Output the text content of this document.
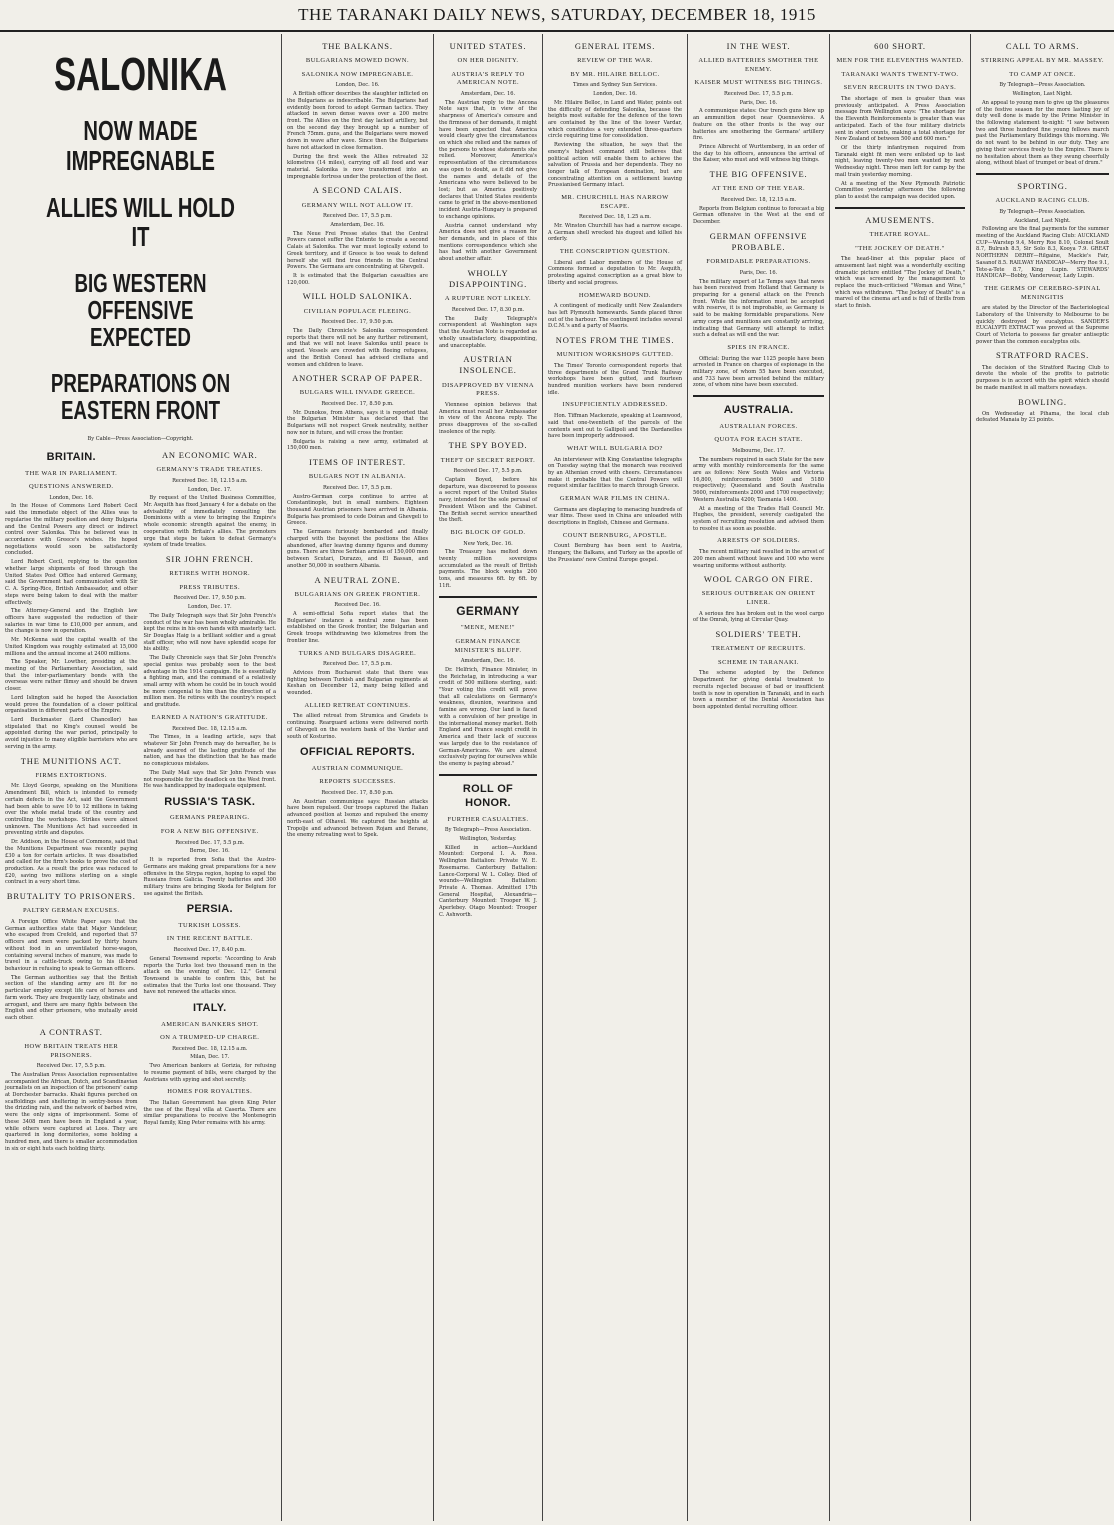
THE TARANAKI DAILY NEWS, SATURDAY, DECEMBER 18, 1915
SALONIKA
NOW MADE IMPREGNABLE
ALLIES WILL HOLD IT
BIG WESTERN OFFENSIVE EXPECTED
PREPARATIONS ON EASTERN FRONT
By Cable—Press Association—Copyright.
BRITAIN.
THE WAR IN PARLIAMENT.
QUESTIONS ANSWERED.
London, Dec. 16.

In the House of Commons Lord Robert Cecil said the immediate object of the Allies was to regularise the military position and deny Bulgaria and the Central Powers any direct or indirect control over Salonika. This he believed was in accordance with Greece's wishes. He hoped negotiations would soon be satisfactorily concluded.

Lord Robert Cecil, replying to the question whether large shipments of food through the United States Post Office had entered Germany, said the Government had communicated with Sir C. A. Spring-Rice, British Ambassador, and other steps were being taken to deal with the matter effectively.

The Attorney-General and the English law officers have suggested the reduction of their salaries in war time to £10,000 per annum, and the change is now in operation.

Mr. McKenna said the capital wealth of the United Kingdom was roughly estimated at 15,000 millions and the annual income at 2400 millions.

The Speaker, Mr. Lowther, presiding at the meeting of the Parliamentary Association, said that the inter-parliamentary bonds with the overseas were rather flimsy and should be drawn closer.

Lord Islington said he hoped the Association would prove the foundation of a closer political organisation in different parts of the Empire.

Lord Buckmaster (Lord Chancellor) has stipulated that no King's counsel would be appointed during the war period, principally to avoid injustice to many eligible barristers who are serving in the army.

THE MUNITIONS ACT.
FIRMS EXTORTIONS.

Mr. Lloyd George, speaking on the Munitions Amendment Bill, which is intended to remedy certain defects in the Act, said the Government had been able to save 10 to 12 millions in taking over the whole metal trade of the country and controlling the workshops. Strikes were almost unknown. The Munitions Act had succeeded in preventing strife and disputes.

Dr. Addison, in the House of Commons, said that the Munitions Department was recently paying £30 a ton for certain articles. It was dissatisfied and called for the firm's books to prove the cost of production. As a result the price was reduced to £20, saving two millions sterling on a single contract in a very short time.

BRUTALITY TO PRISONERS.
PALTRY GERMAN EXCUSES.

A Foreign Office White Paper says that the German authorities state that Major Vandeleur, who escaped from Crefeld, and reported that 57 officers and men were packed by thirty hours without food in an unventilated horse-wagon, containing several inches of manure, was made to travel in a cattle-truck owing to his ill-bred behaviour in refusing to speak to German officers.

The German authorities say that the British section of the standing army are fit for no particular employ except life care of horses and farm work. They are frequently lazy, obstinate and arrogant, and there are many fights between the English and other prisoners, who mutually avoid each other.

A CONTRAST.
HOW BRITAIN TREATS HER PRISONERS.
Received Dec. 17, 5.5 p.m.

The Australian Press Association representative accompanied the African, Dutch, and Scandinavian journalists on an inspection of the prisoners' camp at Dorchester barracks. Khaki figures perched on scaffoldings and sheltering in sentry-boxes from the drizzling rain, and the network of barbed wire, were the only signs of imprisonment. Some of these 3408 men have been in England a year, while others were captured at Loos. They are quartered in long dormitories, some holding a hundred men, and there is smaller accommodation in six or eight huts each holding thirty.

AN ECONOMIC WAR.
GERMANY'S TRADE TREATIES.
Received Dec. 18, 12.15 a.m.
London, Dec. 17.

By request of the United Business Committee, Mr. Asquith has fixed January 4 for a debate on the advisability of immediately consulting the Dominions with a view to bringing the Empire's whole economic strength against the enemy, in cooperation with Britain's allies. The promoters urge that steps be taken to defeat Germany's system of trade treaties.

SIR JOHN FRENCH.
RETIRES WITH HONOR.
PRESS TRIBUTES.
Received Dec. 17, 9.50 p.m.
London, Dec. 17.

The Daily Telegraph says that Sir John French's conduct of the war has been wholly admirable. He kept the reins in his own hands with masterly tact. Sir Douglas Haig is a brilliant soldier and a great staff officer, who will now have splendid scope for his ability.

The Daily Chronicle says that Sir John French's special genius was probably seen to the best advantage in the 1914 campaign. He is essentially a fighting man, and the command of a relatively small army with whom he could be in touch would be more congenial to him than the direction of a million men. He retires with the country's respect and gratitude.

EARNED A NATION'S GRATITUDE.
Received Dec. 18, 12.15 a.m.

The Times, in a leading article, says that whatever Sir John French may do hereafter, he is already assured of the lasting gratitude of the nation, and has the distinction that he has made no conspicuous mistakes.

The Daily Mail says that Sir John French was not responsible for the deadlock on the West front. He was handicapped by inadequate equipment.

RUSSIA'S TASK.
GERMANS PREPARING.
FOR A NEW BIG OFFENSIVE.
Received Dec. 17, 5.5 p.m.
Berne, Dec. 16.

It is reported from Sofia that the Austro-Germans are making great preparations for a new offensive in the Strypa region, hoping to expel the Russians from Galicia. Twenty batteries and 300 military trains are bringing Skoda for Belgium for use against the British.

PERSIA.
TURKISH LOSSES.
IN THE RECENT BATTLE.
Received Dec. 17, 8.40 p.m.

General Townsend reports: "According to Arab reports the Turks lost two thousand men in the attack on the evening of Dec. 12." General Townsend is unable to confirm this, but he estimates that the Turks lost one thousand. They have not renewed the attacks since.

ITALY.
AMERICAN BANKERS SHOT.
ON A TRUMPED-UP CHARGE.
Received Dec. 18, 12.15 a.m.
Milan, Dec. 17.

Two American bankers at Gorizia, for refusing to resume payment of bills, were charged by the Austrians with spying and shot secretly.

HOMES FOR ROYALTIES.

The Italian Government has given King Peter the use of the Royal villa at Caserta. There are similar preparations to receive the Montenegrin Royal family, King Peter remains with his army.

THE BALKANS.
BULGARIANS MOWED DOWN.
SALONIKA NOW IMPREGNABLE.
London, Dec. 16.

A British officer describes the slaughter inflicted on the Bulgarians as indescribable. The Bulgarians had evidently been forced to adopt German tactics. They attacked in seven dense waves over a 200 metre front. The Allies on the first day lacked artillery, but on the second day they brought up a number of French 75mm. guns, and the Bulgarians were mowed down in wave after wave. Since then the Bulgarians have not attacked in close formation.

During the first week the Allies retreated 32 kilometres (14 miles), carrying off all food and war material. Salonika is now transformed into an impregnable fortress under the protection of the fleet.

A SECOND CALAIS.
GERMANY WILL NOT ALLOW IT.
Received Dec. 17, 5.5 p.m.
Amsterdam, Dec. 16.

The Neue Frei Presse states that the Central Powers cannot suffer the Entente to create a second Calais at Salonika. The war must logically extend to Greek territory, and if Greece is too weak to defend herself she will find true friends in the Central Powers. The Germans are concentrating at Ghevgeli.

It is estimated that the Bulgarian casualties are 120,000.

WILL HOLD SALONIKA.
CIVILIAN POPULACE FLEEING.
Received Dec. 17, 9.50 p.m.

The Daily Chronicle's Salonika correspondent reports that there will not be any further retirement, and that we will not leave Salonika until peace is signed. Vessels are crowded with fleeing refugees, and the British Consul has advised civilians and women and children to leave.

ANOTHER SCRAP OF PAPER.
BULGARS WILL INVADE GREECE.
Received Dec. 17, 8.50 p.m.

Mr. Dunokos, from Athens, says it is reported that the Bulgarian Minister has declared that the Bulgarians will not respect Greek neutrality, neither now nor in future, and will cross the frontier.

Bulgaria is raising a new army, estimated at 150,000 men.

ITEMS OF INTEREST.
BULGARS NOT IN ALBANIA.
Received Dec. 17, 5.5 p.m.

Austro-German corps continue to arrive at Constantinople, but in small numbers. Eighteen thousand Austrian prisoners have arrived in Albania. Bulgaria has promised to cede Doiran and Ghevgeli to Greece.

The Germans furiously bombarded and finally charged with the bayonet the positions the Allies abandoned, after leaving dummy figures and dummy guns. There are three Serbian armies of 150,000 men between Scutari, Durazzo, and El Bassan, and another 50,000 in southern Albania.

A NEUTRAL ZONE.
BULGARIANS ON GREEK FRONTIER.
Received Dec. 16.

A semi-official Sofia report states that the Bulgarians' instance a neutral zone has been established on the Greek frontier, the Bulgarian and Greek troops withdrawing two kilometres from the frontier line.

TURKS AND BULGARS DISAGREE.
Received Dec. 17, 5.5 p.m.

Advices from Bucharest state that there was fighting between Turkish and Bulgarian regiments at Keshan on December 12, many being killed and wounded.

ALLIED RETREAT CONTINUES.

The allied retreat from Strumica and Gradets is continuing. Rearguard actions were delivered north of Ghevgeli on the western bank of the Vardar and south of Kosturino.

OFFICIAL REPORTS.
AUSTRIAN COMMUNIQUE.
REPORTS SUCCESSES.
Received Dec. 17, 8.50 p.m.

An Austrian communique says: Russian attacks have been repulsed. Our troops captured the Italian advanced position at Isonzo and repulsed the enemy north-east of Olhavel. We captured the heights at Tropolje and advanced between Rojam and Berane, the enemy retreating west to Spek.

UNITED STATES.
ON HER DIGNITY.
AUSTRIA'S REPLY TO AMERICAN NOTE.
Amsterdam, Dec. 16.

The Austrian reply to the Ancona Note says that, in view of the sharpness of America's censure and the firmness of her demands, it might have been expected that America would clearly give the circumstances on which she relied and the names of the persons to whose statements she relied. Moreover, America's representation of the circumstances was open to doubt, as it did not give the names and details of the Americans who were believed to be lost; but as America positively declares that United States residents came to grief in the above-mentioned incident Austria-Hungary is prepared to exchange opinions.

Austria cannot understand why America does not give a reason for her demands, and in place of this mentions correspondence which she has had with another Government about another affair.

WHOLLY DISAPPOINTING.
A RUPTURE NOT LIKELY.
Received Dec. 17, 8.30 p.m.

The Daily Telegraph's correspondent at Washington says that the Austrian Note is regarded as wholly unsatisfactory, disappointing, and unacceptable.

AUSTRIAN INSOLENCE.
DISAPPROVED BY VIENNA PRESS.

Viennese opinion believes that America must recall her Ambassador in view of the Ancona reply. The press disapproves of the so-called insolence of the reply.

THE SPY BOYED.
THEFT OF SECRET REPORT.
Received Dec. 17, 5.5 p.m.

Captain Boyed, before his departure, was discovered to possess a secret report of the United States navy, intended for the sole perusal of President Wilson and the Cabinet. The British secret service unearthed the theft.

BIG BLOCK OF GOLD.
New York, Dec. 16.

The Treasury has melted down twenty million sovereigns accumulated as the result of British payments. The block weighs 200 tons, and measures 6ft. by 6ft. by 11ft.

GERMANY
"MENE, MENE!"
GERMAN FINANCE MINISTER'S BLUFF.
Amsterdam, Dec. 16.

Dr. Helfrich, Finance Minister, in the Reichstag, in introducing a war credit of 500 millions sterling, said: "Your voting this credit will prove that all calculations on Germany's weakness, disunion, weariness and famine are wrong. Our land is faced with a convulsion of her prestige in the international money market. Both England and France sought credit in America and their lack of success was largely due to the resistance of German-Americans. We are almost exclusively paying for ourselves while the enemy is paying abroad."

ROLL OF HONOR.
FURTHER CASUALTIES.
By Telegraph—Press Association.
Wellington, Yesterday.

Killed in action—Auckland Mounted: Corporal I. A. Ross. Wellington Battalion: Private W. E. Rosemarne. Canterbury Battalion: Lance-Corporal W. L. Colley. Died of wounds—Wellington Battalion: Private A. Thomas. Admitted 17th General Hospital, Alexandria—Canterbury Mounted: Trooper W. J. Aperlebey. Otago Mounted: Trooper C. Ashworth.

GENERAL ITEMS.
REVIEW OF THE WAR.
BY MR. HILAIRE BELLOC.
Times and Sydney Sun Services.
London, Dec. 16.

Mr. Hilaire Belloc, in Land and Water, points out the difficulty of defending Salonika, because the heights most suitable for the defence of the town are contained by the line of the lower Vardar, which constitutes a very extended three-quarters circle requiring time for consolidation.

Reviewing the situation, he says that the enemy's highest command still believes that political action will enable them to achieve the salvation of Prussia and her dependents. They no longer talk of European domination, but are concentrating attention on a settlement leaving Prussianised Germany intact.

MR. CHURCHILL HAS NARROW ESCAPE.
Received Dec. 18, 1.25 a.m.

Mr. Winston Churchill has had a narrow escape. A German shell wrecked his dugout and killed his orderly.

THE CONSCRIPTION QUESTION.

Liberal and Labor members of the House of Commons formed a deputation to Mr. Asquith, protesting against conscription as a great blow to liberty and social progress.

HOMEWARD BOUND.

A contingent of medically unfit New Zealanders has left Plymouth homewards. Sands placed three out of the harbour. The contingent includes several D.C.M.'s and a party of Maoris.

NOTES FROM THE TIMES.
MUNITION WORKSHOPS GUTTED.

The Times' Toronto correspondent reports that three departments of the Grand Trunk Railway workshops have been gutted, and fourteen hundred munition workers have been rendered idle.

INSUFFICIENTLY ADDRESSED.

Hon. Tiffman Mackenzie, speaking at Loamwood, said that one-twentieth of the parcels of the contents sent out to Gallipoli and the Dardanelles have been improperly addressed.

WHAT WILL BULGARIA DO?

An interviewer with King Constantine telegraphs on Tuesday saying that the monarch was received by an Athenian crowd with cheers. Circumstances make it probable that the Central Powers will request similar facilities to march through Greece.

GERMAN WAR FILMS IN CHINA.

Germans are displaying to menacing hundreds of war films. These used in China are unloaded with descriptions in English, Chinese and Germans.

COUNT BERNBURG, APOSTLE.

Count Bernburg has been sent to Austria, Hungary, the Balkans, and Turkey as the apostle of the Prussians' new Central Europe gospel.

IN THE WEST.
ALLIED BATTERIES SMOTHER THE ENEMY.
KAISER MUST WITNESS BIG THINGS.
Received Dec. 17, 5.5 p.m.
Paris, Dec. 16.

A communique states: Our trench guns blew up an ammunition depot near Quennevières. A feature on the other fronts is the way our batteries are smothering the Germans' artillery fire.

Prince Albrecht of Wurttemberg, in an order of the day to his officers, announces the arrival of the Kaiser, who must and will witness big things.

THE BIG OFFENSIVE.
AT THE END OF THE YEAR.
Received Dec. 18, 12.15 a.m.

Reports from Belgium continue to forecast a big German offensive in the West at the end of December.

GERMAN OFFENSIVE PROBABLE.
FORMIDABLE PREPARATIONS.
Paris, Dec. 16.

The military expert of Le Temps says that news has been received from Holland that Germany is preparing for a general attack on the French front. While the information must be accepted with reserve, it is not improbable, as Germany is said to be making formidable preparations. New army corps and munitions are constantly arriving, indicating that Germany will attempt to inflict such a defeat as will end the war.

SPIES IN FRANCE.

Official: During the war 1125 people have been arrested in France on charges of espionage in the military zone, of whom 55 have been executed, and 733 have been arrested behind the military zone, of whom nine have been executed.

AUSTRALIA.
AUSTRALIAN FORCES.
QUOTA FOR EACH STATE.
Melbourne, Dec. 17.

The numbers required in each State for the new army with monthly reinforcements for the same are as follows: New South Wales and Victoria 16,800, reinforcements 5600 and 5180 respectively; Queensland and South Australia 5600, reinforcements 2000 and 1700 respectively; Western Australia 4200; Tasmania 1400.

At a meeting of the Trades Hall Council Mr. Hughes, the president, severely castigated the system of recruiting resolution and advised them to resolve it as soon as possible.

ARRESTS OF SOLDIERS.

The recent military raid resulted in the arrest of 200 men absent without leave and 100 who were wearing uniforms without authority.

WOOL CARGO ON FIRE.
SERIOUS OUTBREAK ON ORIENT LINER.

A serious fire has broken out in the wool cargo of the Omrah, lying at Circular Quay.

SOLDIERS' TEETH.
TREATMENT OF RECRUITS.
SCHEME IN TARANAKI.

The scheme adopted by the Defence Department for giving dental treatment to recruits rejected because of bad or insufficient teeth is now in operation in Taranaki, and in each town a member of the Dental Association has been appointed dental recruiting officer.

600 SHORT.
MEN FOR THE ELEVENTHS WANTED.
TARANAKI WANTS TWENTY-TWO.
SEVEN RECRUITS IN TWO DAYS.

The shortage of men is greater than was previously anticipated. A Press Association message from Wellington says: "The shortage for the Eleventh Reinforcements is greater than was anticipated. Each of the four military districts sent in short counts, making a total shortage for New Zealand of between 500 and 600 men."

Of the thirty infantrymen required from Taranaki eight fit men were enlisted up to last night, leaving twenty-two men wanted by next Wednesday night. Three men left for camp by the mail train yesterday morning.

At a meeting of the New Plymouth Patriotic Committee yesterday afternoon the following plan to assist the campaign was decided upon.

AMUSEMENTS.
THEATRE ROYAL.
"THE JOCKEY OF DEATH."

The head-liner at this popular place of amusement last night was a wonderfully exciting dramatic picture entitled "The Jockey of Death," which was screened by the management to replace the much-criticised "Woman and Wine," which was withdrawn. "The Jockey of Death" is a marvel of the cinema art and is full of thrills from start to finish.

CALL TO ARMS.
STIRRING APPEAL BY MR. MASSEY.
TO CAMP AT ONCE.
By Telegraph—Press Association.
Wellington, Last Night.

An appeal to young men to give up the pleasures of the festive season for the more lasting joy of duty well done is made by the Prime Minister in the following statement to-night: "I saw between two and three hundred fine young fellows march past the Parliamentary Buildings this morning. We do not want to be behind in our duty. They are giving their services freely to the Empire. There is no hesitation about them as they swung cheerfully along, without blast of trumpet or beat of drum."

SPORTING.
AUCKLAND RACING CLUB.
By Telegraph—Press Association.
Auckland, Last Night.

Following are the final payments for the summer meeting of the Auckland Racing Club: AUCKLAND CUP—Warstep 9.4, Merry Roe 8.10, Colonel Soult 8.7, Bulrush 8.5, Sir Solo 8.3, Kooya 7.9. GREAT NORTHERN DERBY—Rilgaine, Mackie's Fair, Sasanof 8.5. RAILWAY HANDICAP—Merry Roe 9.1, Tete-a-Tete 8.7, King Lupin. STEWARDS' HANDICAP—Bobby, Vanderwear, Lady Lupin.

THE GERMS OF CEREBRO-SPINAL MENINGITIS

are stated by the Director of the Bacteriological Laboratory of the University to Melbourne to be quickly destroyed by eucalyptus. SANDER'S EUCALYPTI EXTRACT was proved at the Supreme Court of Victoria to possess far greater antiseptic power than the common eucalyptus oils.

STRATFORD RACES.

The decision of the Stratford Racing Club to devote the whole of the profits to patriotic purposes is in accord with the spirit which should be made manifest in all matters nowadays.

BOWLING.

On Wednesday at Pihama, the local club defeated Manaia by 23 points.
